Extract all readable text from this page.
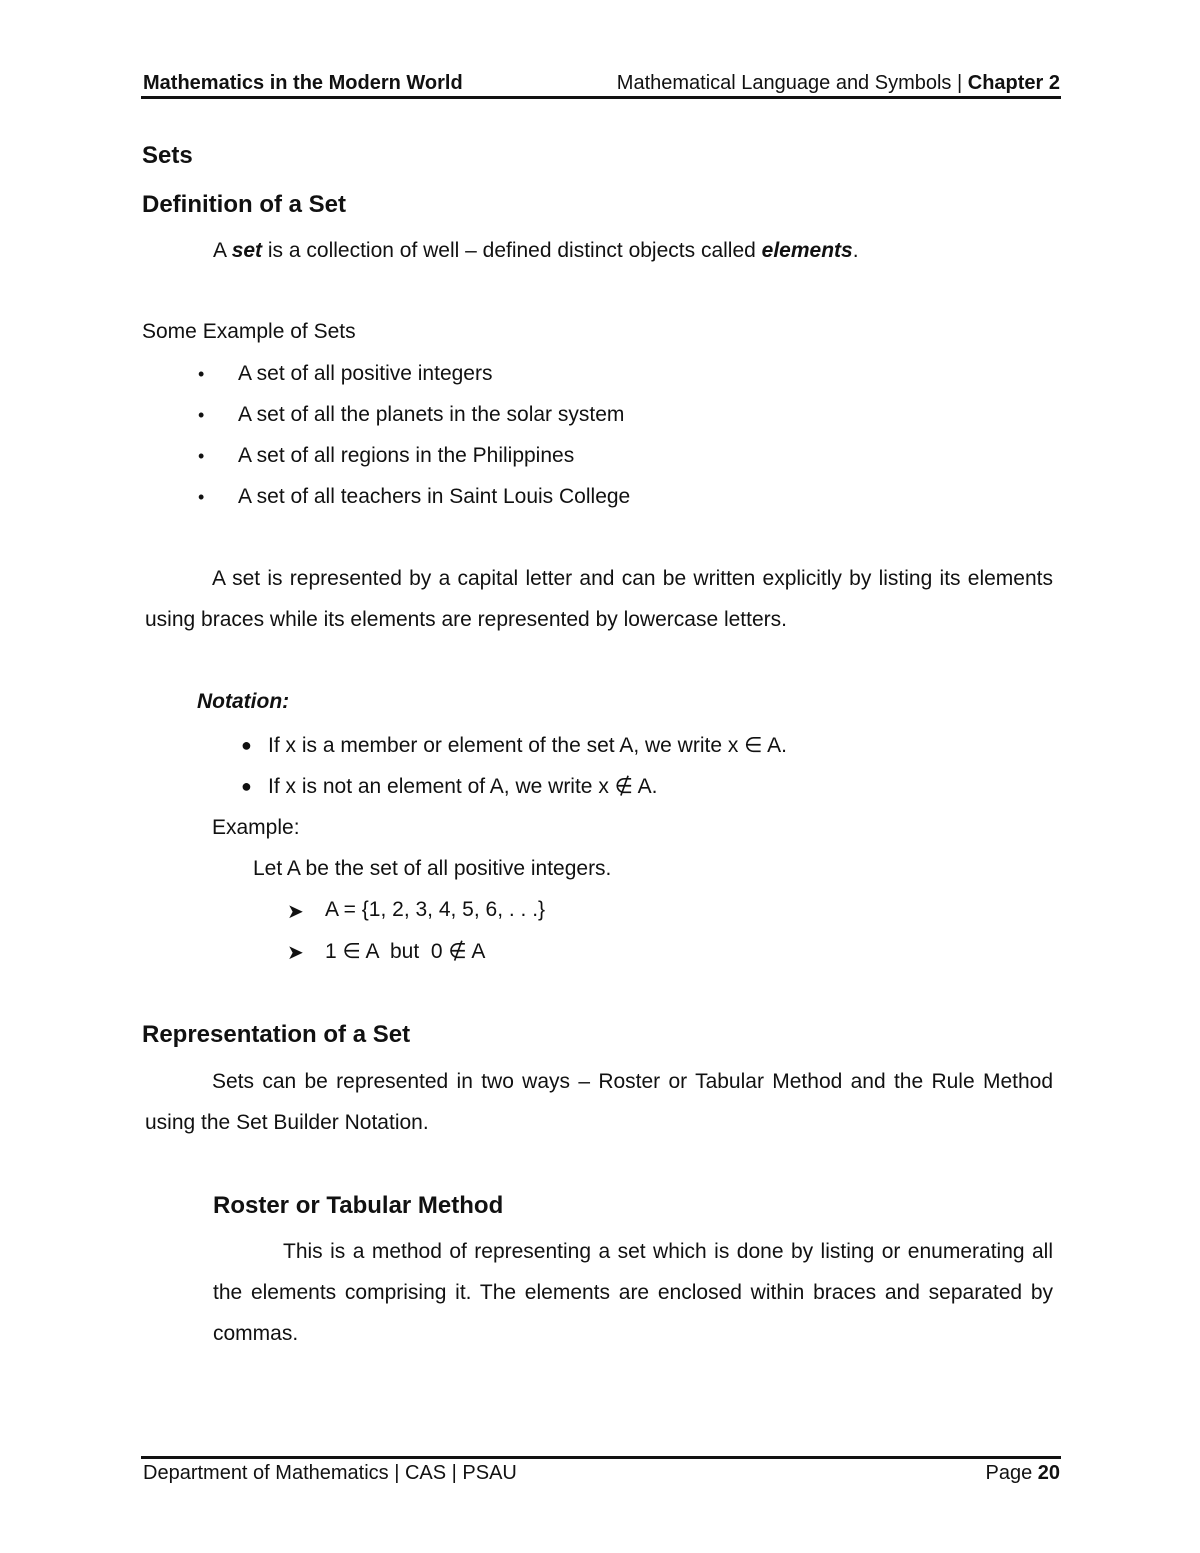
Mathematics in the Modern World	Mathematical Language and Symbols | Chapter 2
Sets
Definition of a Set
A set is a collection of well – defined distinct objects called elements.
Some Example of Sets
• A set of all positive integers
• A set of all the planets in the solar system
• A set of all regions in the Philippines
• A set of all teachers in Saint Louis College
A set is represented by a capital letter and can be written explicitly by listing its elements using braces while its elements are represented by lowercase letters.
Notation:
● If x is a member or element of the set A, we write x ∈ A.
● If x is not an element of A, we write x ∉ A.
Example:
Let A be the set of all positive integers.
➤ A = {1, 2, 3, 4, 5, 6, . . .}
➤ 1 ∈ A  but  0 ∉ A
Representation of a Set
Sets can be represented in two ways – Roster or Tabular Method and the Rule Method using the Set Builder Notation.
Roster or Tabular Method
This is a method of representing a set which is done by listing or enumerating all the elements comprising it. The elements are enclosed within braces and separated by commas.
Department of Mathematics | CAS | PSAU	Page 20
